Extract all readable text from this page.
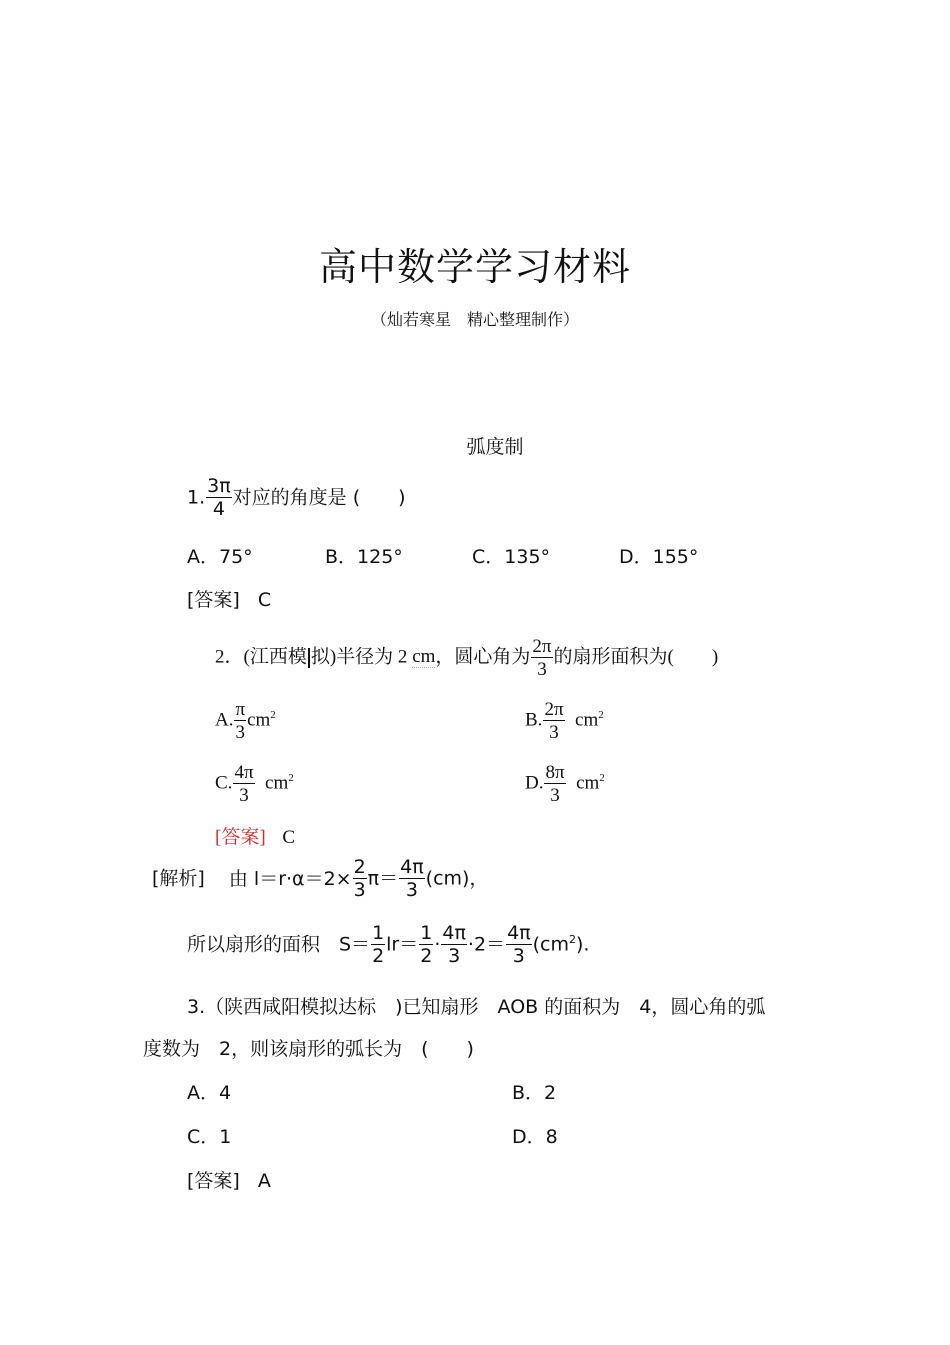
高中数学学习材料
（灿若寒星　精心整理制作）
弧度制
1. $\frac{3\pi}{4}$ 对应的角度是 (　　)
A．75°	B．125°	C．135°	D．155°
[答案] C
2．(江西模 拟)半径为 2 cm，圆心角为 $\frac{2\pi}{3}$ 的扇形面积为(　　)
A. $\frac{\pi}{3} cm^2$	B. $\frac{2\pi}{3} cm^2$
C. $\frac{4\pi}{3} cm^2$	D. $\frac{8\pi}{3} cm^2$
[答案] C
[解析] 由 $l=r\cdot\alpha=2\times \frac{2}{3} \pi= \frac{4\pi}{3} (cm)$，
所以扇形的面积　$S= \frac{1}{2} lr= \frac{1}{2} \cdot \frac{4\pi}{3} \cdot 2= \frac{4\pi}{3} (cm^2)$.
3.（陕西咸阳模拟达标　)已知扇形　AOB 的面积为　4，圆心角的弧
度数为　2，则该扇形的弧长为　(　　)
A．4	B．2
C．1	D．8
[答案] A
